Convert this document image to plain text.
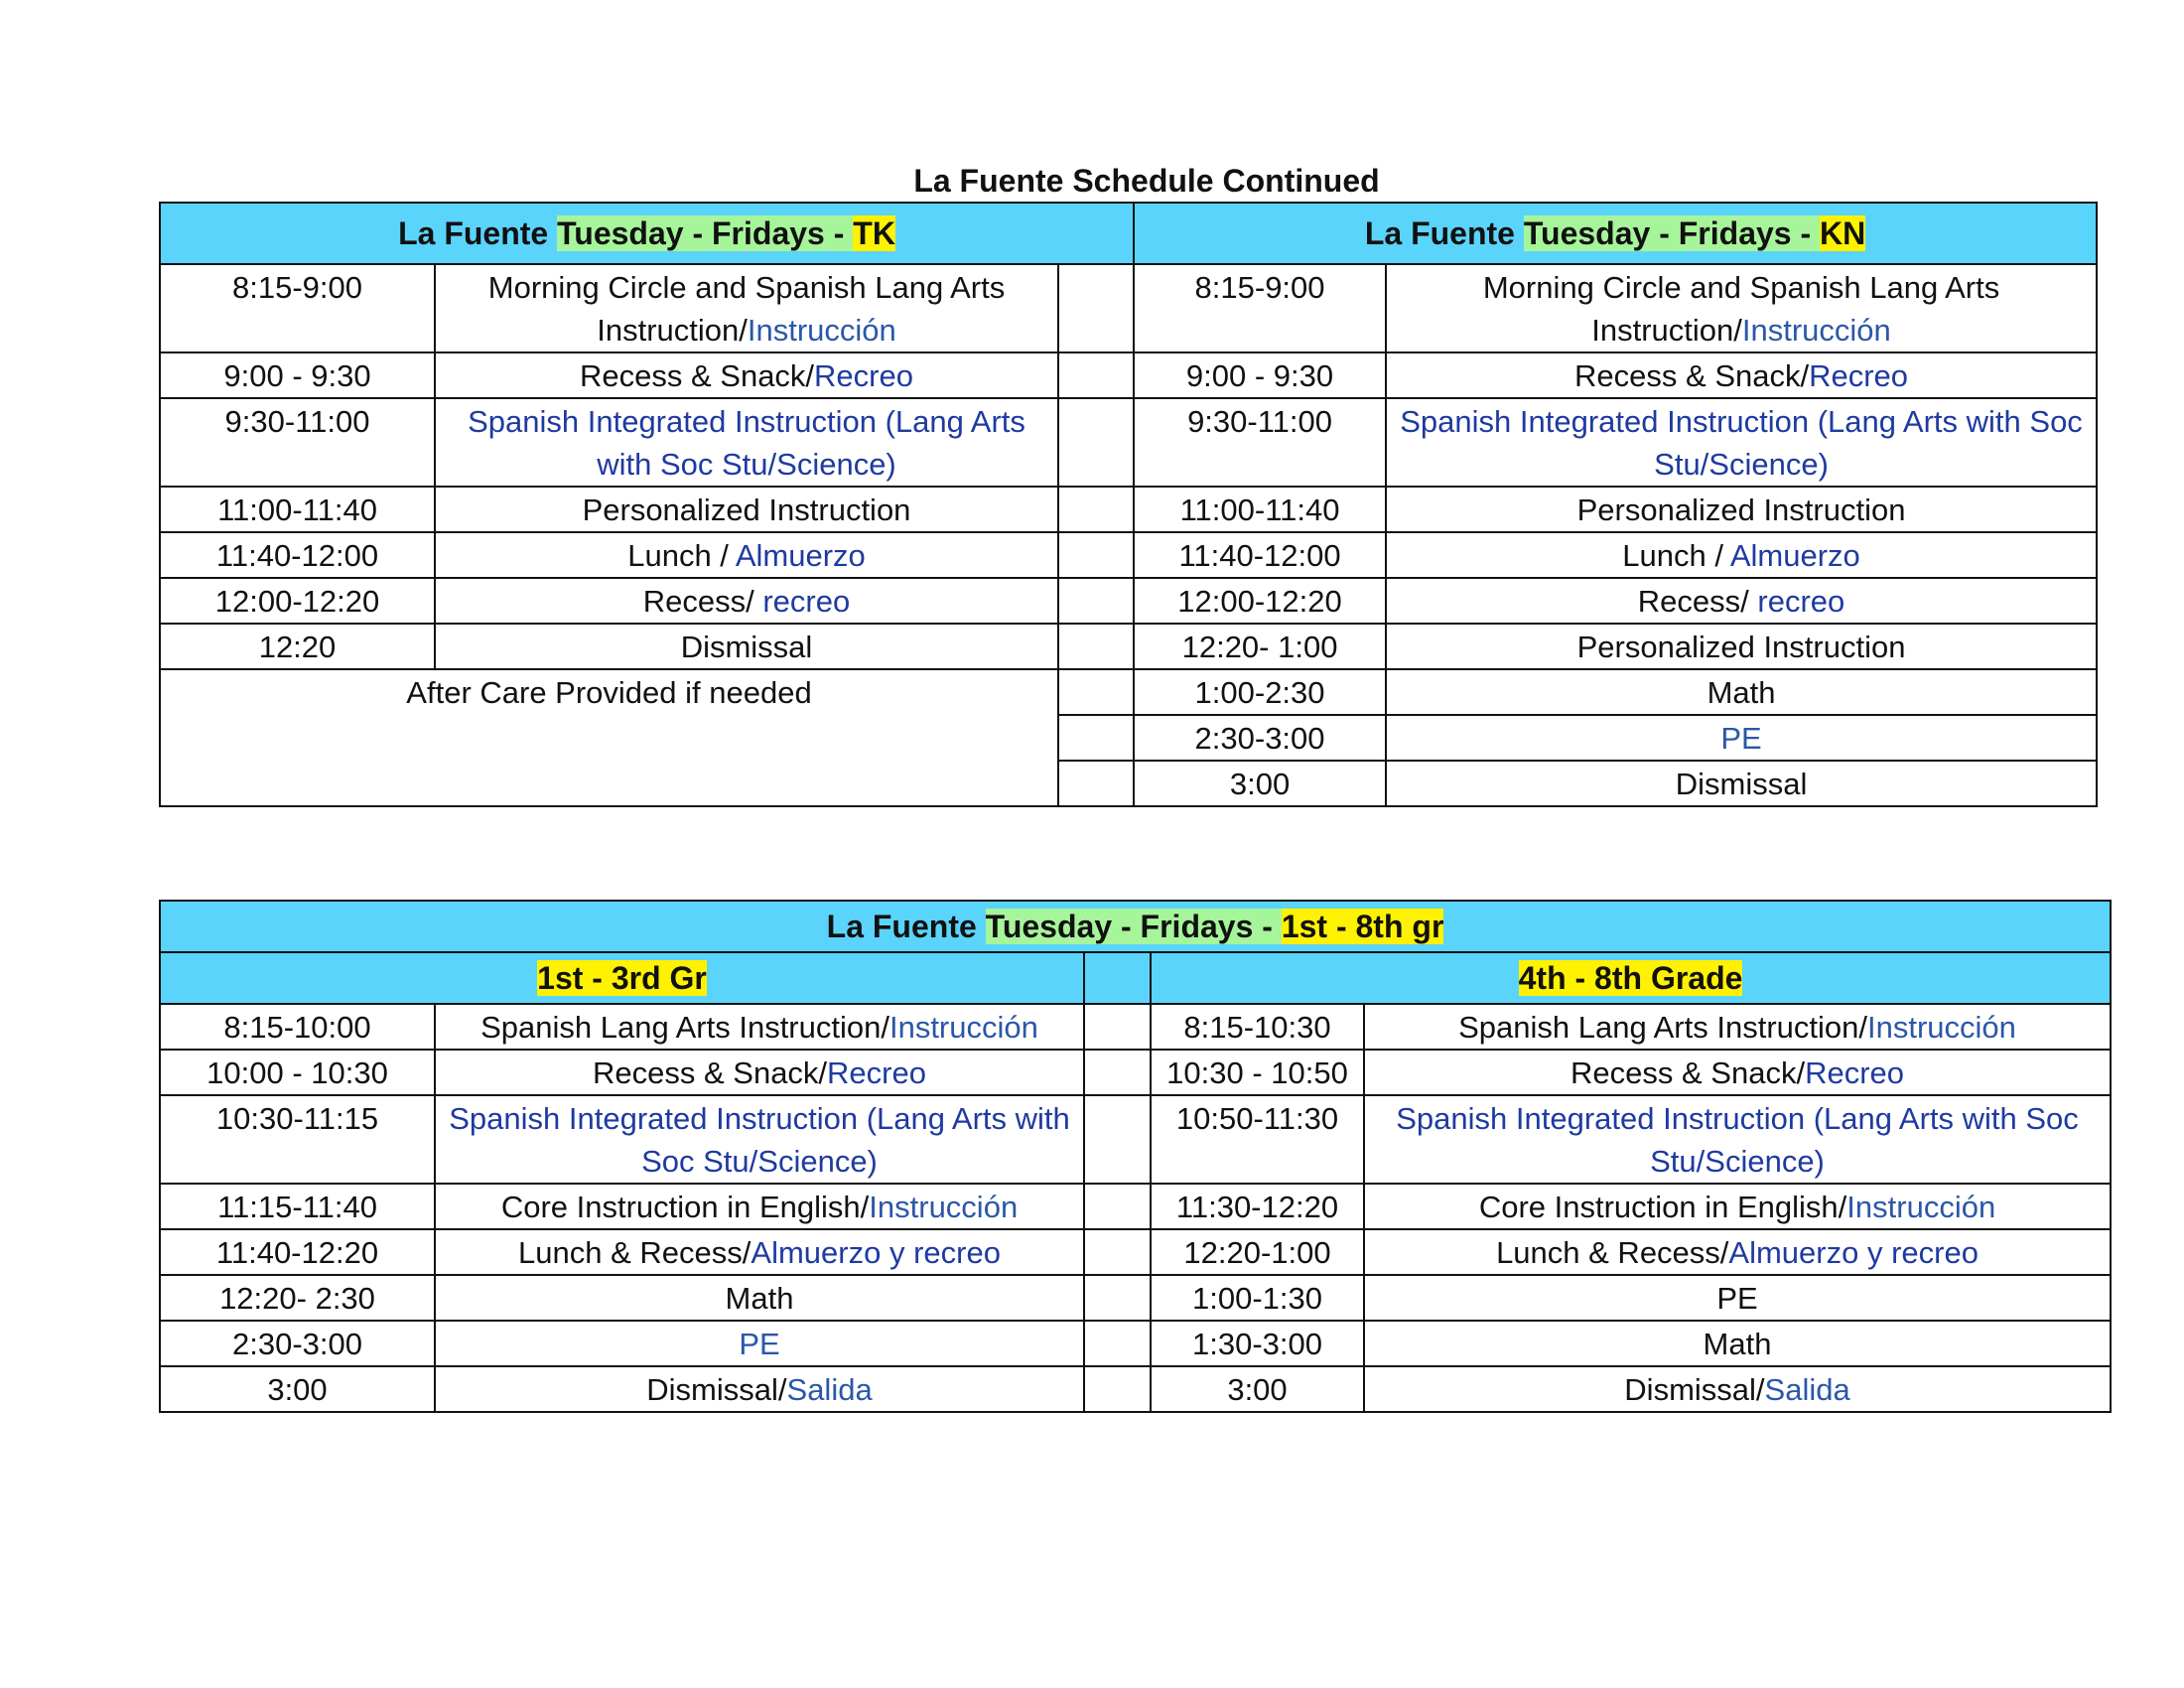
La Fuente Schedule Continued
La Fuente Tuesday - Fridays - TK			La Fuente Tuesday - Fridays - KN	
8:15-9:00	Morning Circle and Spanish Lang Arts Instruction/Instrucción		8:15-9:00	Morning Circle and Spanish Lang Arts Instruction/Instrucción
9:00 - 9:30	Recess & Snack/Recreo		9:00 - 9:30	Recess & Snack/Recreo
9:30-11:00	Spanish Integrated Instruction (Lang Arts with Soc Stu/Science)		9:30-11:00	Spanish Integrated Instruction (Lang Arts with Soc Stu/Science)
11:00-11:40	Personalized Instruction		11:00-11:40	Personalized Instruction
11:40-12:00	Lunch / Almuerzo		11:40-12:00	Lunch / Almuerzo
12:00-12:20	Recess/ recreo		12:00-12:20	Recess/ recreo
12:20	Dismissal		12:20- 1:00	Personalized Instruction
After Care Provided if needed			1:00-2:30	Math
			2:30-3:00	PE
			3:00	Dismissal
La Fuente Tuesday - Fridays - 1st - 8th gr				
1st - 3rd Gr			4th - 8th Grade	
8:15-10:00	Spanish Lang Arts Instruction/Instrucción		8:15-10:30	Spanish Lang Arts Instruction/Instrucción
10:00 - 10:30	Recess & Snack/Recreo		10:30 - 10:50	Recess & Snack/Recreo
10:30-11:15	Spanish Integrated Instruction (Lang Arts with Soc Stu/Science)		10:50-11:30	Spanish Integrated Instruction (Lang Arts with Soc Stu/Science)
11:15-11:40	Core Instruction in English/Instrucción		11:30-12:20	Core Instruction in English/Instrucción
11:40-12:20	Lunch & Recess/Almuerzo y recreo		12:20-1:00	Lunch & Recess/Almuerzo y recreo
12:20- 2:30	Math		1:00-1:30	PE
2:30-3:00	PE		1:30-3:00	Math
3:00	Dismissal/Salida		3:00	Dismissal/Salida
